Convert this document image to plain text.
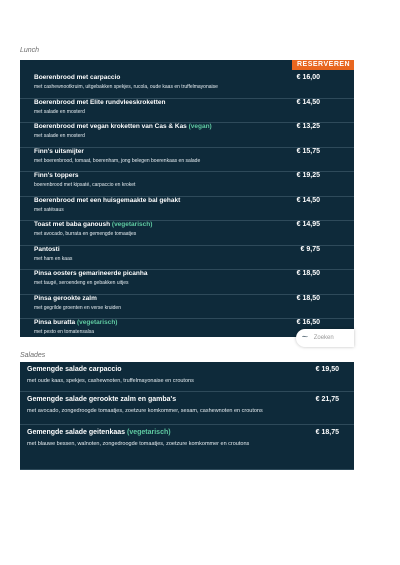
Lunch
RESERVEREN
Boerenbrood met carpaccio
met cashewnootkruim, uitgebakken spekjes, rucola, oude kaas en truffelmayonaise
€ 16,00
Boerenbrood met Elite rundvleeskroketten
met salade en mosterd
€ 14,50
Boerenbrood met vegan kroketten van Cas & Kas (vegan)
met salade en mosterd
€ 13,25
Finn's uitsmijter
met boerenbrood, tomaat, boerenham, jong belegen boerenkaas en salade
€ 15,75
Finn's toppers
boerenbrood met kipsaté, carpaccio en kroket
€ 19,25
Boerenbrood met een huisgemaakte bal gehakt
met satésaus
€ 14,50
Toast met baba ganoush (vegetarisch)
met avocado, burrata en gemengde tomaatjes
€ 14,95
Pantosti
met ham en kaas
€ 9,75
Pinsa oosters gemarineerde picanha
met taugé, seroendeng en gebakken uitjes
€ 18,50
Pinsa gerookte zalm
met gegrilde groenten en verse kruiden
€ 18,50
Pinsa buratta (vegetarisch)
met pesto en tomatensalsa
€ 16,50
〜 Zoeken
Salades
Gemengde salade carpaccio
met oude kaas, spekjes, cashewnoten, truffelmayonaise en croutons
€ 19,50
Gemengde salade gerookte zalm en gamba's
met avocado, zongedroogde tomaatjes, zoetzure komkommer, sesam, cashewnoten en croutons
€ 21,75
Gemengde salade geitenkaas (vegetarisch)
met blauwe bessen, walnoten, zongedroogde tomaatjes, zoetzure komkommer en croutons
€ 18,75
